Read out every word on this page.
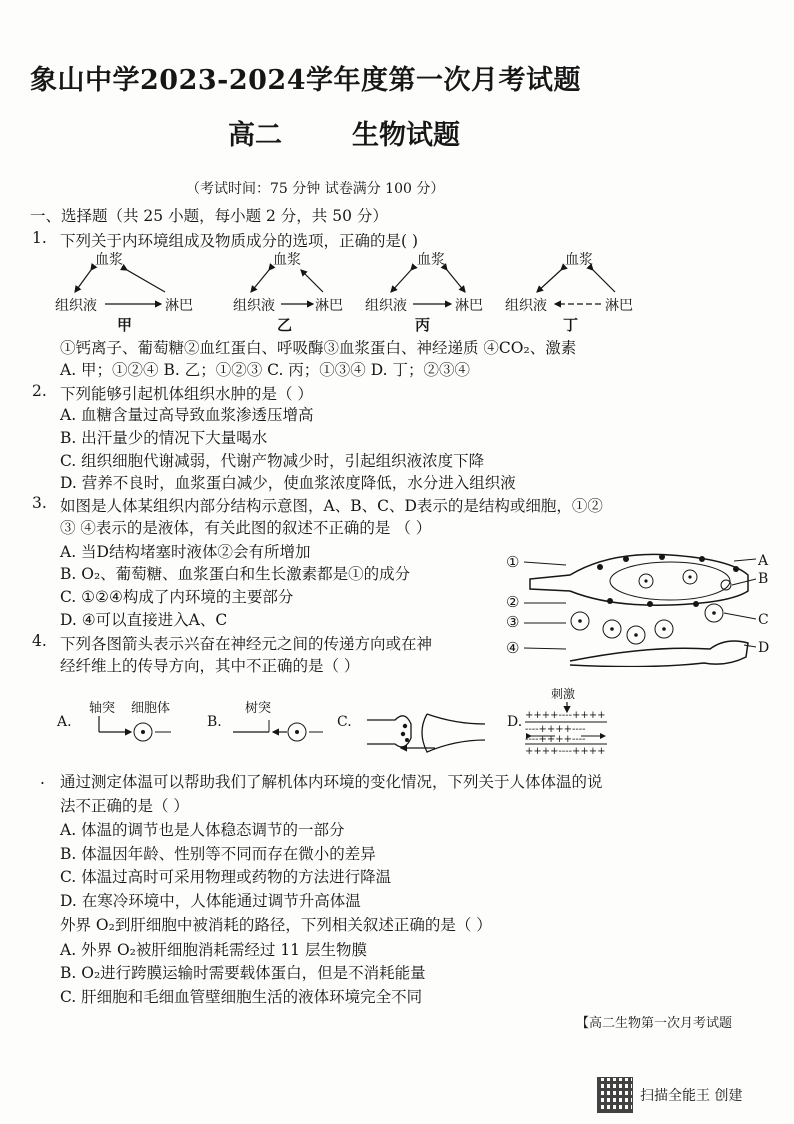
象山中学2023-2024学年度第一次月考试题
高二	生物试题
（考试时间：75 分钟 试卷满分 100 分）
一、选择题（共 25 小题，每小题 2 分，共 50 分）
1. 下列关于内环境组成及物质成分的选项，正确的是( )
血浆
组织液	淋巴
甲
血浆
组织液	淋巴
乙
血浆
组织液	淋巴
丙
血浆
组织液	淋巴
丁
①钙离子、葡萄糖②血红蛋白、呼吸酶③血浆蛋白、神经递质 ④CO₂、激素
A. 甲；①②④ B. 乙；①②③ C. 丙；①③④ D. 丁；②③④
2. 下列能够引起机体组织水肿的是（ ）
A. 血糖含量过高导致血浆渗透压增高
B. 出汗量少的情况下大量喝水
C. 组织细胞代谢减弱，代谢产物减少时，引起组织液浓度下降
D. 营养不良时，血浆蛋白减少，使血浆浓度降低，水分进入组织液
3. 如图是人体某组织内部分结构示意图，A、B、C、D表示的是结构或细胞，①②
③ ④表示的是液体，有关此图的叙述不正确的是 （ ）
A. 当D结构堵塞时液体②会有所增加
B. O₂、葡萄糖、血浆蛋白和生长激素都是①的成分
C. ①②④构成了内环境的主要部分
D. ④可以直接进入A、C
①
②
③
④
A
B
C
D
4. 下列各图箭头表示兴奋在神经元之间的传递方向或在神
经纤维上的传导方向，其中不正确的是（ ）
A.
轴突 细胞体
B.
树突
C.	D.
刺激
++++----++++
----++++----
----++++----
++++----++++
. 通过测定体温可以帮助我们了解机体内环境的变化情况，下列关于人体体温的说
法不正确的是（ ）
A. 体温的调节也是人体稳态调节的一部分
B. 体温因年龄、性别等不同而存在微小的差异
C. 体温过高时可采用物理或药物的方法进行降温
D. 在寒冷环境中，人体能通过调节升高体温
外界 O₂到肝细胞中被消耗的路径，下列相关叙述正确的是（ ）
A. 外界 O₂被肝细胞消耗需经过 11 层生物膜
B. O₂进行跨膜运输时需要载体蛋白，但是不消耗能量
C. 肝细胞和毛细血管壁细胞生活的液体环境完全不同
【高二生物第一次月考试题
扫描全能王 创建
